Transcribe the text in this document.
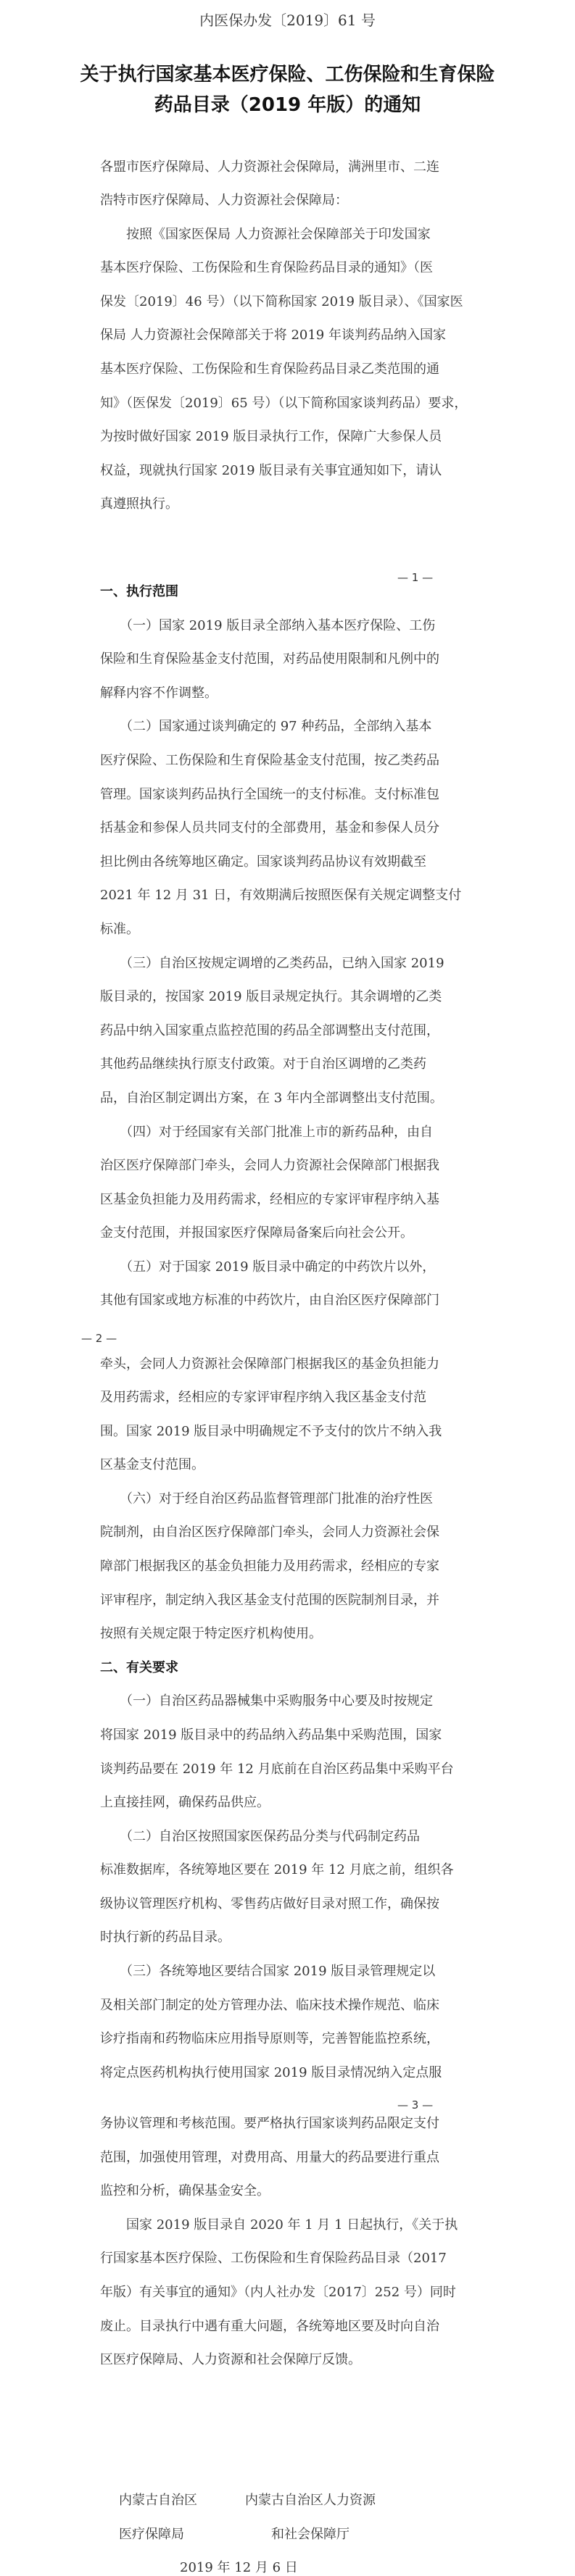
内医保办发〔2019〕61 号
关于执行国家基本医疗保险、工伤保险和生育保险
药品目录（2019 年版）的通知
各盟市医疗保障局、人力资源社会保障局，满洲里市、二连
浩特市医疗保障局、人力资源社会保障局：
　　按照《国家医保局 人力资源社会保障部关于印发国家
基本医疗保险、工伤保险和生育保险药品目录的通知》（医
保发〔2019〕46 号）（以下简称国家 2019 版目录）、《国家医
保局 人力资源社会保障部关于将 2019 年谈判药品纳入国家
基本医疗保险、工伤保险和生育保险药品目录乙类范围的通
知》（医保发〔2019〕65 号）（以下简称国家谈判药品）要求，
为按时做好国家 2019 版目录执行工作，保障广大参保人员
权益，现就执行国家 2019 版目录有关事宜通知如下，请认
真遵照执行。
一、执行范围
　　（一）国家 2019 版目录全部纳入基本医疗保险、工伤
保险和生育保险基金支付范围，对药品使用限制和凡例中的
解释内容不作调整。
　　（二）国家通过谈判确定的 97 种药品，全部纳入基本
医疗保险、工伤保险和生育保险基金支付范围，按乙类药品
管理。国家谈判药品执行全国统一的支付标准。支付标准包
括基金和参保人员共同支付的全部费用，基金和参保人员分
担比例由各统筹地区确定。国家谈判药品协议有效期截至
2021 年 12 月 31 日，有效期满后按照医保有关规定调整支付
标准。
　　（三）自治区按规定调增的乙类药品，已纳入国家 2019
版目录的，按国家 2019 版目录规定执行。其余调增的乙类
药品中纳入国家重点监控范围的药品全部调整出支付范围，
其他药品继续执行原支付政策。对于自治区调增的乙类药
品，自治区制定调出方案，在 3 年内全部调整出支付范围。
　　（四）对于经国家有关部门批准上市的新药品种，由自
治区医疗保障部门牵头，会同人力资源社会保障部门根据我
区基金负担能力及用药需求，经相应的专家评审程序纳入基
金支付范围，并报国家医疗保障局备案后向社会公开。
　　（五）对于国家 2019 版目录中确定的中药饮片以外，
其他有国家或地方标准的中药饮片，由自治区医疗保障部门
牵头，会同人力资源社会保障部门根据我区的基金负担能力
及用药需求，经相应的专家评审程序纳入我区基金支付范
围。国家 2019 版目录中明确规定不予支付的饮片不纳入我
区基金支付范围。
　　（六）对于经自治区药品监督管理部门批准的治疗性医
院制剂，由自治区医疗保障部门牵头，会同人力资源社会保
障部门根据我区的基金负担能力及用药需求，经相应的专家
评审程序，制定纳入我区基金支付范围的医院制剂目录，并
按照有关规定限于特定医疗机构使用。
二、有关要求
　　（一）自治区药品器械集中采购服务中心要及时按规定
将国家 2019 版目录中的药品纳入药品集中采购范围，国家
谈判药品要在 2019 年 12 月底前在自治区药品集中采购平台
上直接挂网，确保药品供应。
　　（二）自治区按照国家医保药品分类与代码制定药品
标准数据库，各统筹地区要在 2019 年 12 月底之前，组织各
级协议管理医疗机构、零售药店做好目录对照工作，确保按
时执行新的药品目录。
　　（三）各统筹地区要结合国家 2019 版目录管理规定以
及相关部门制定的处方管理办法、临床技术操作规范、临床
诊疗指南和药物临床应用指导原则等，完善智能监控系统，
将定点医药机构执行使用国家 2019 版目录情况纳入定点服
务协议管理和考核范围。要严格执行国家谈判药品限定支付
范围，加强使用管理，对费用高、用量大的药品要进行重点
监控和分析，确保基金安全。
　　国家 2019 版目录自 2020 年 1 月 1 日起执行，《关于执
行国家基本医疗保险、工伤保险和生育保险药品目录（2017
年版）有关事宜的通知》（内人社办发〔2017〕252 号）同时
废止。目录执行中遇有重大问题，各统筹地区要及时向自治
区医疗保障局、人力资源和社会保障厅反馈。
— 1 —
— 2 —
— 3 —
内蒙古自治区	内蒙古自治区人力资源
医疗保障局	和社会保障厅
2019 年 12 月 6 日
